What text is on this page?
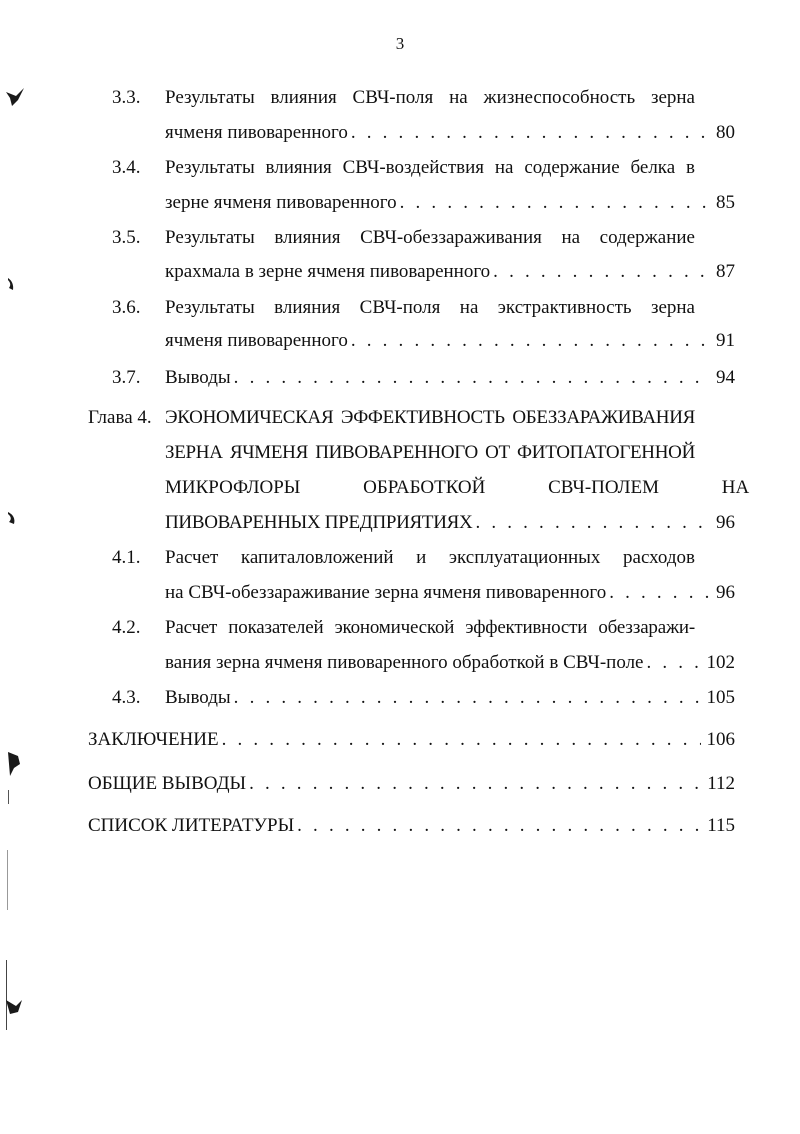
3
3.3. Результаты влияния СВЧ-поля на жизнеспособность зерна
ячменя пивоваренного . . .	80
3.4. Результаты влияния СВЧ-воздействия на содержание белка в
зерне ячменя пивоваренного . . .	85
3.5. Результаты влияния СВЧ-обеззараживания на содержание
крахмала в зерне ячменя пивоваренного . . .	87
3.6. Результаты влияния СВЧ-поля на экстрактивность зерна
ячменя пивоваренного . . .	91
3.7. Выводы . . .	94
Глава 4. ЭКОНОМИЧЕСКАЯ ЭФФЕКТИВНОСТЬ ОБЕЗЗАРАЖИВАНИЯ
ЗЕРНА ЯЧМЕНЯ ПИВОВАРЕННОГО ОТ ФИТОПАТОГЕННОЙ
МИКРОФЛОРЫ ОБРАБОТКОЙ СВЧ-ПОЛЕМ НА
ПИВОВАРЕННЫХ ПРЕДПРИЯТИЯХ . . .	96
4.1. Расчет капиталовложений и эксплуатационных расходов
на СВЧ-обеззараживание зерна ячменя пивоваренного . . .	96
4.2. Расчет показателей экономической эффективности обеззаражи-
вания зерна ячменя пивоваренного обработкой в СВЧ-поле . . .	102
4.3. Выводы . . .	105
ЗАКЛЮЧЕНИЕ . . .	106
ОБЩИЕ ВЫВОДЫ . . .	112
СПИСОК ЛИТЕРАТУРЫ . . .	115
